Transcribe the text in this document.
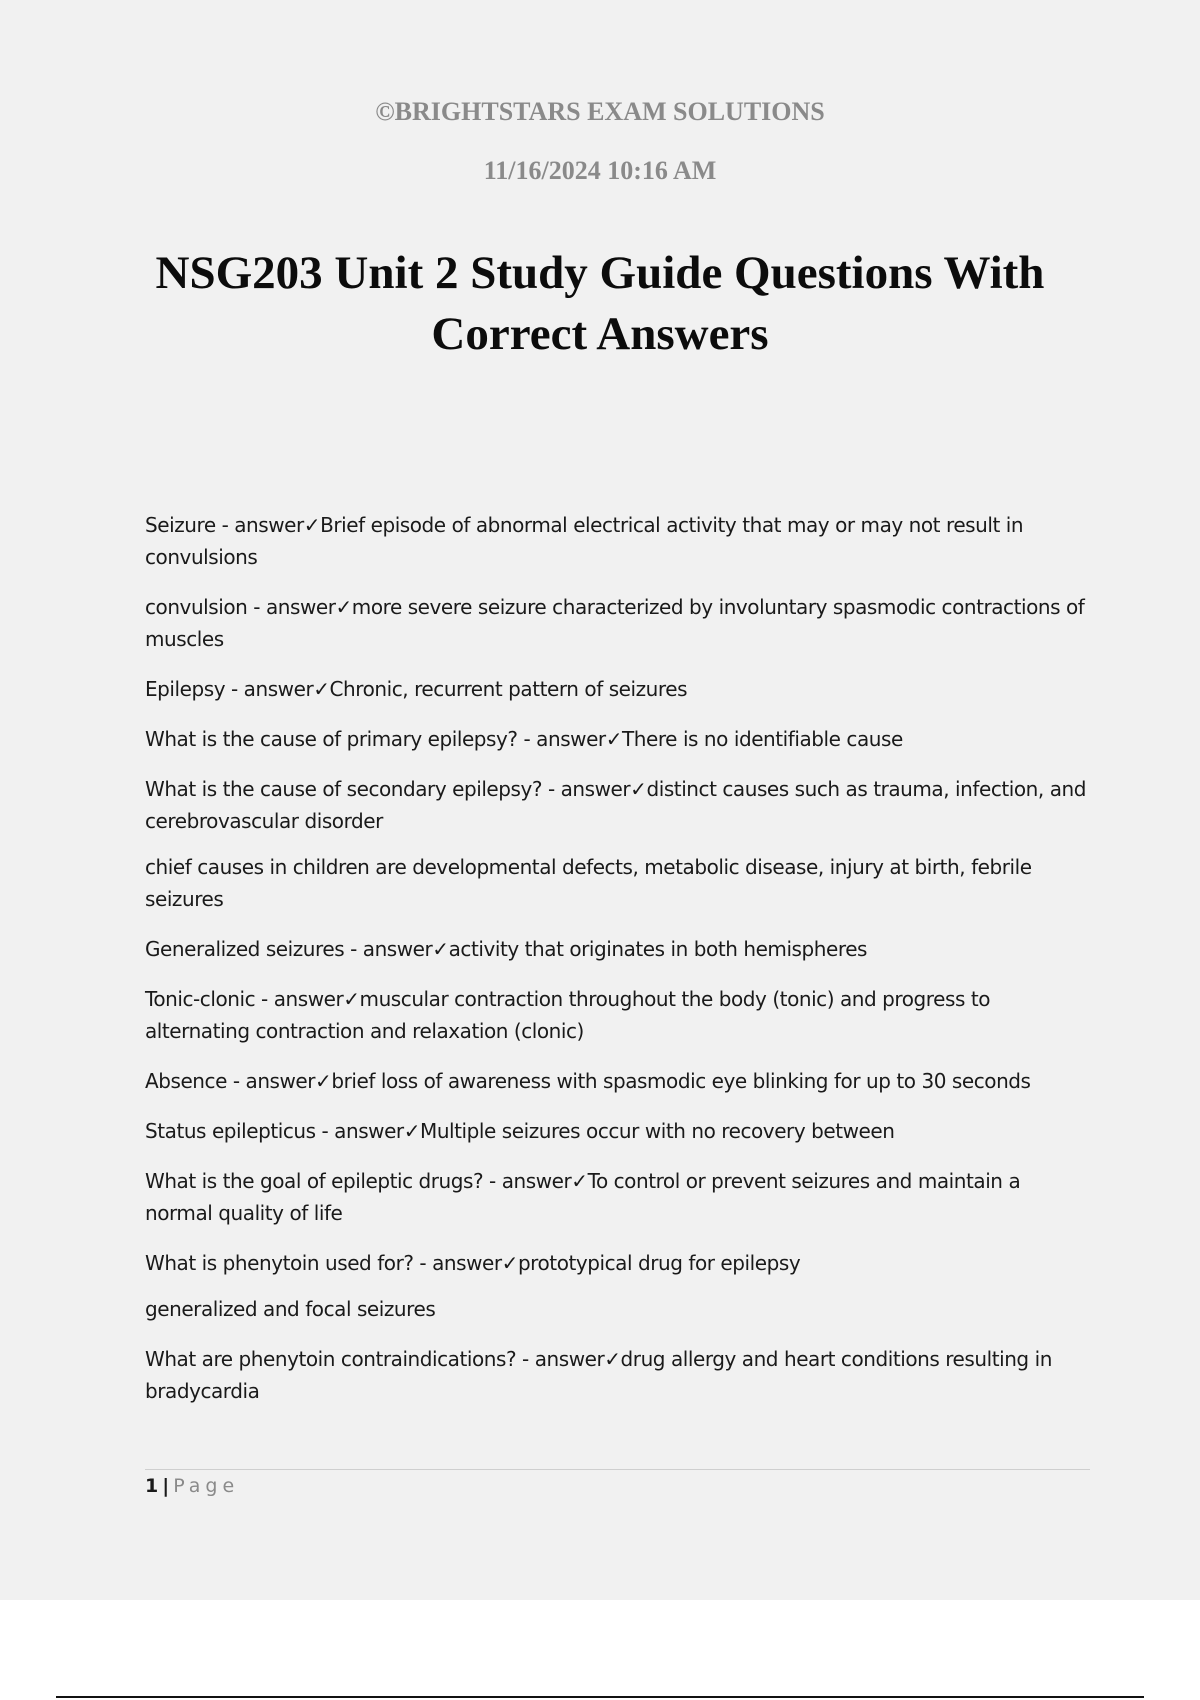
©BRIGHTSTARS EXAM SOLUTIONS
11/16/2024 10:16 AM
NSG203 Unit 2 Study Guide Questions With Correct Answers
Seizure - answer✓Brief episode of abnormal electrical activity that may or may not result in convulsions
convulsion - answer✓more severe seizure characterized by involuntary spasmodic contractions of muscles
Epilepsy - answer✓Chronic, recurrent pattern of seizures
What is the cause of primary epilepsy? - answer✓There is no identifiable cause
What is the cause of secondary epilepsy? - answer✓distinct causes such as trauma, infection, and cerebrovascular disorder
chief causes in children are developmental defects, metabolic disease, injury at birth, febrile seizures
Generalized seizures - answer✓activity that originates in both hemispheres
Tonic-clonic - answer✓muscular contraction throughout the body (tonic) and progress to alternating contraction and relaxation (clonic)
Absence - answer✓brief loss of awareness with spasmodic eye blinking for up to 30 seconds
Status epilepticus - answer✓Multiple seizures occur with no recovery between
What is the goal of epileptic drugs? - answer✓To control or prevent seizures and maintain a normal quality of life
What is phenytoin used for? - answer✓prototypical drug for epilepsy
generalized and focal seizures
What are phenytoin contraindications? - answer✓drug allergy and heart conditions resulting in bradycardia
1 | Page
